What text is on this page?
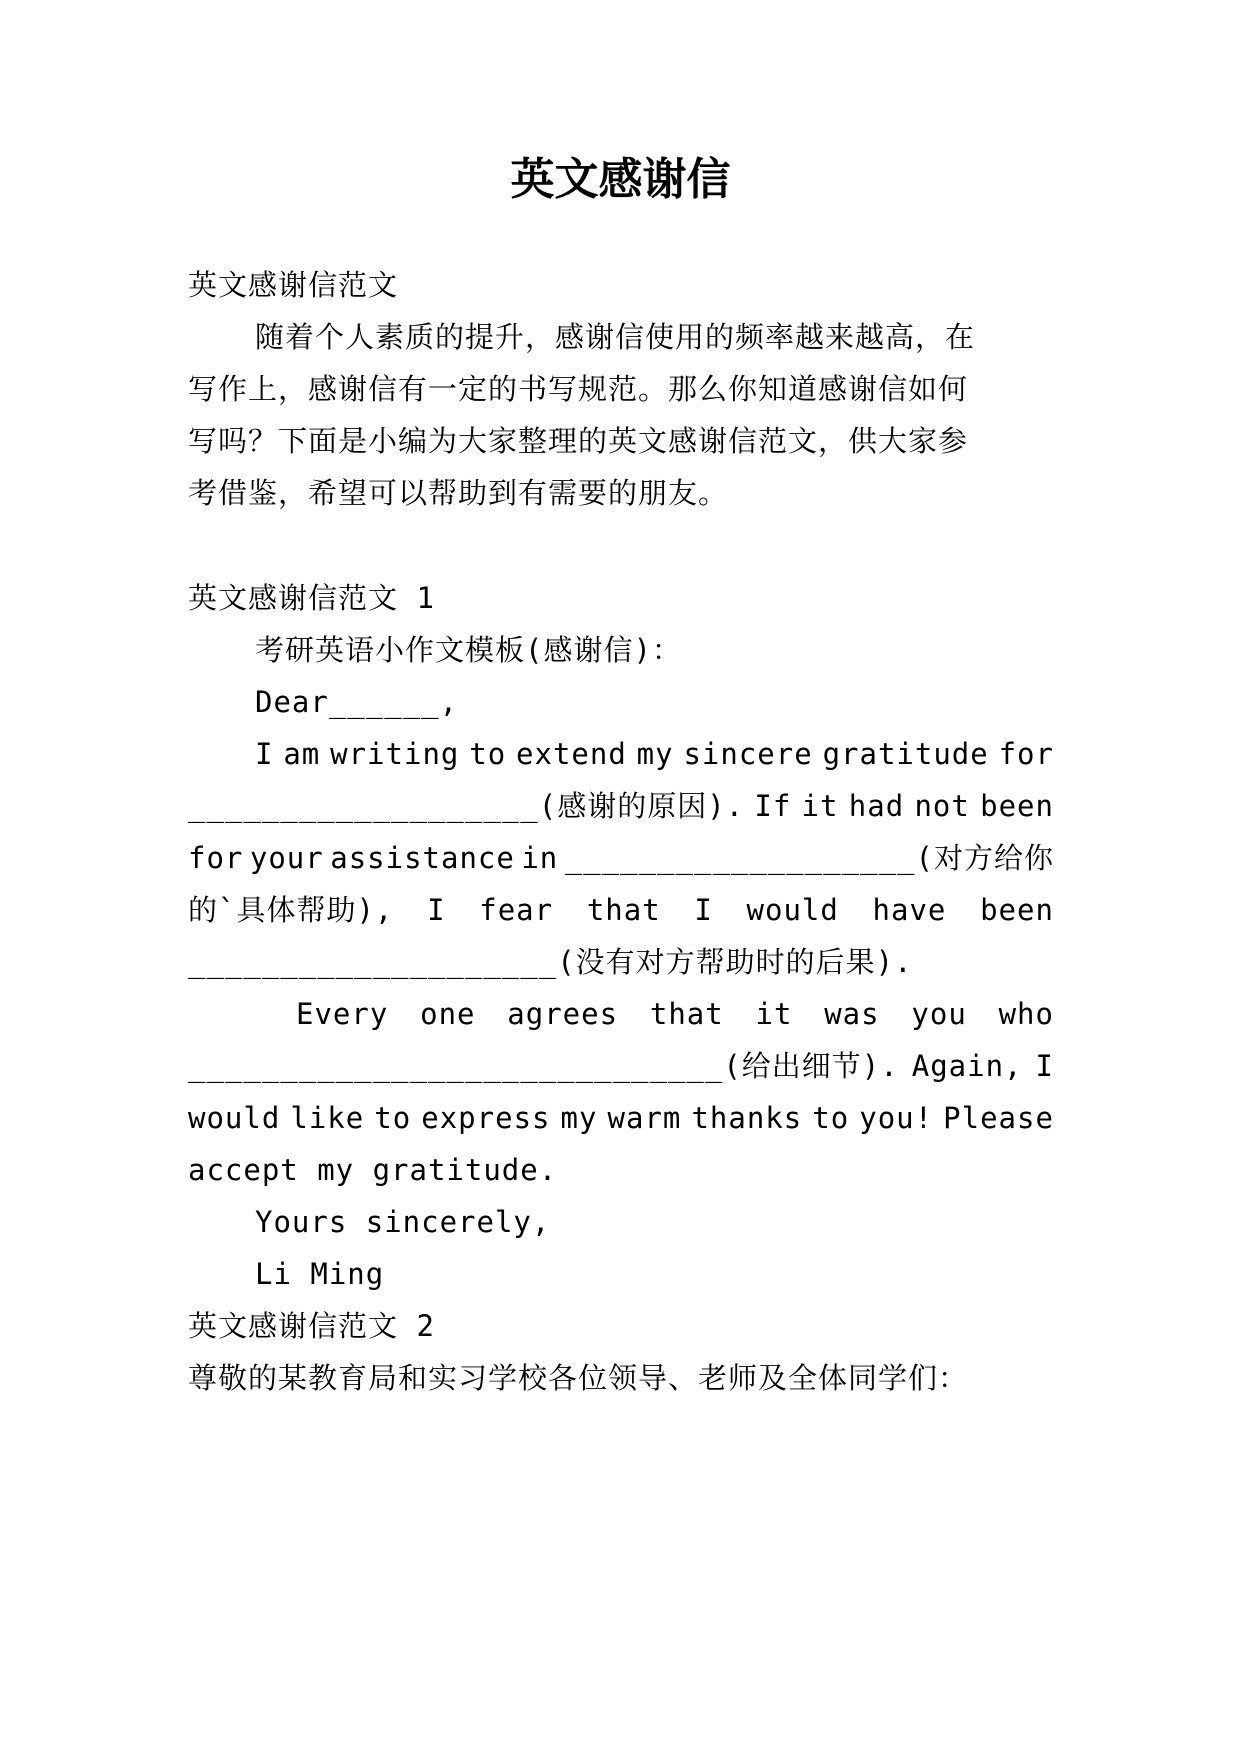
英文感谢信
英文感谢信范文
随着个人素质的提升，感谢信使用的频率越来越高，在
写作上，感谢信有一定的书写规范。那么你知道感谢信如何
写吗？下面是小编为大家整理的英文感谢信范文，供大家参
考借鉴，希望可以帮助到有需要的朋友。
英文感谢信范文 1
考研英语小作文模板(感谢信)：
Dear______,
I am writing to extend my sincere gratitude for
___________________(感谢的原因). If it had not been
for your assistance in ___________________(对方给你
的`具体帮助), I fear that I would have been
____________________(没有对方帮助时的后果).
Every one agrees that it was you who
_____________________________(给出细节). Again, I
would like to express my warm thanks to you! Please
accept my gratitude.
Yours sincerely,
Li Ming
英文感谢信范文 2
尊敬的某教育局和实习学校各位领导、老师及全体同学们：
